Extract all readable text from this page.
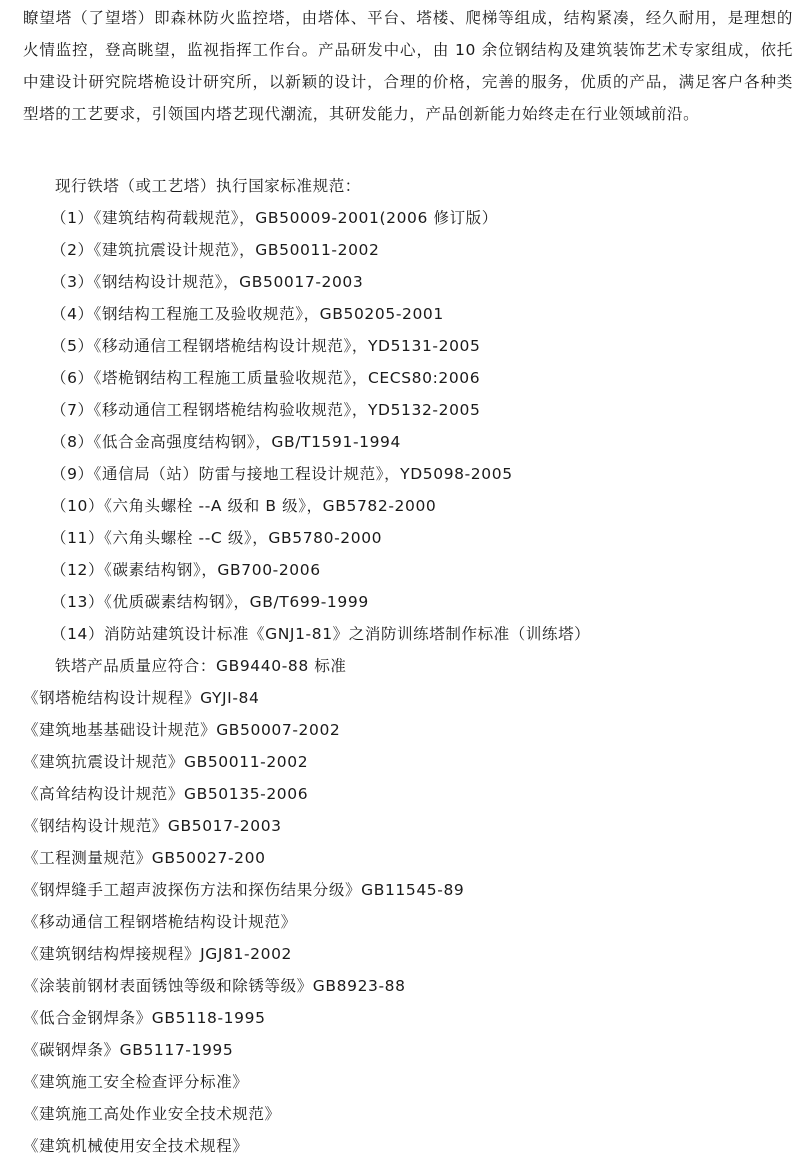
瞭望塔（了望塔）即森林防火监控塔，由塔体、平台、塔楼、爬梯等组成，结构紧凑，经久耐用，是理想的火情监控，登高眺望，监视指挥工作台。产品研发中心，由 10 余位钢结构及建筑装饰艺术专家组成，依托中建设计研究院塔桅设计研究所，以新颖的设计，合理的价格，完善的服务，优质的产品，满足客户各种类型塔的工艺要求，引领国内塔艺现代潮流，其研发能力，产品创新能力始终走在行业领域前沿。

现行铁塔（或工艺塔）执行国家标准规范：
（1）《建筑结构荷载规范》，GB50009-2001(2006 修订版）
（2）《建筑抗震设计规范》，GB50011-2002
（3）《钢结构设计规范》，GB50017-2003
（4）《钢结构工程施工及验收规范》，GB50205-2001
（5）《移动通信工程钢塔桅结构设计规范》，YD5131-2005
（6）《塔桅钢结构工程施工质量验收规范》，CECS80:2006
（7）《移动通信工程钢塔桅结构验收规范》，YD5132-2005
（8）《低合金高强度结构钢》，GB/T1591-1994
（9）《通信局（站）防雷与接地工程设计规范》，YD5098-2005
（10）《六角头螺栓 --A 级和 B 级》，GB5782-2000
（11）《六角头螺栓 --C 级》，GB5780-2000
（12）《碳素结构钢》，GB700-2006
（13）《优质碳素结构钢》，GB/T699-1999
（14）消防站建筑设计标准《GNJ1-81》之消防训练塔制作标准（训练塔）
铁塔产品质量应符合：GB9440-88 标准
《钢塔桅结构设计规程》GYJI-84
《建筑地基基础设计规范》GB50007-2002
《建筑抗震设计规范》GB50011-2002
《高耸结构设计规范》GB50135-2006
《钢结构设计规范》GB5017-2003
《工程测量规范》GB50027-200
《钢焊缝手工超声波探伤方法和探伤结果分级》GB11545-89
《移动通信工程钢塔桅结构设计规范》
《建筑钢结构焊接规程》JGJ81-2002
《涂装前钢材表面锈蚀等级和除锈等级》GB8923-88
《低合金钢焊条》GB5118-1995
《碳钢焊条》GB5117-1995
《建筑施工安全检查评分标准》
《建筑施工高处作业安全技术规范》
《建筑机械使用安全技术规程》
